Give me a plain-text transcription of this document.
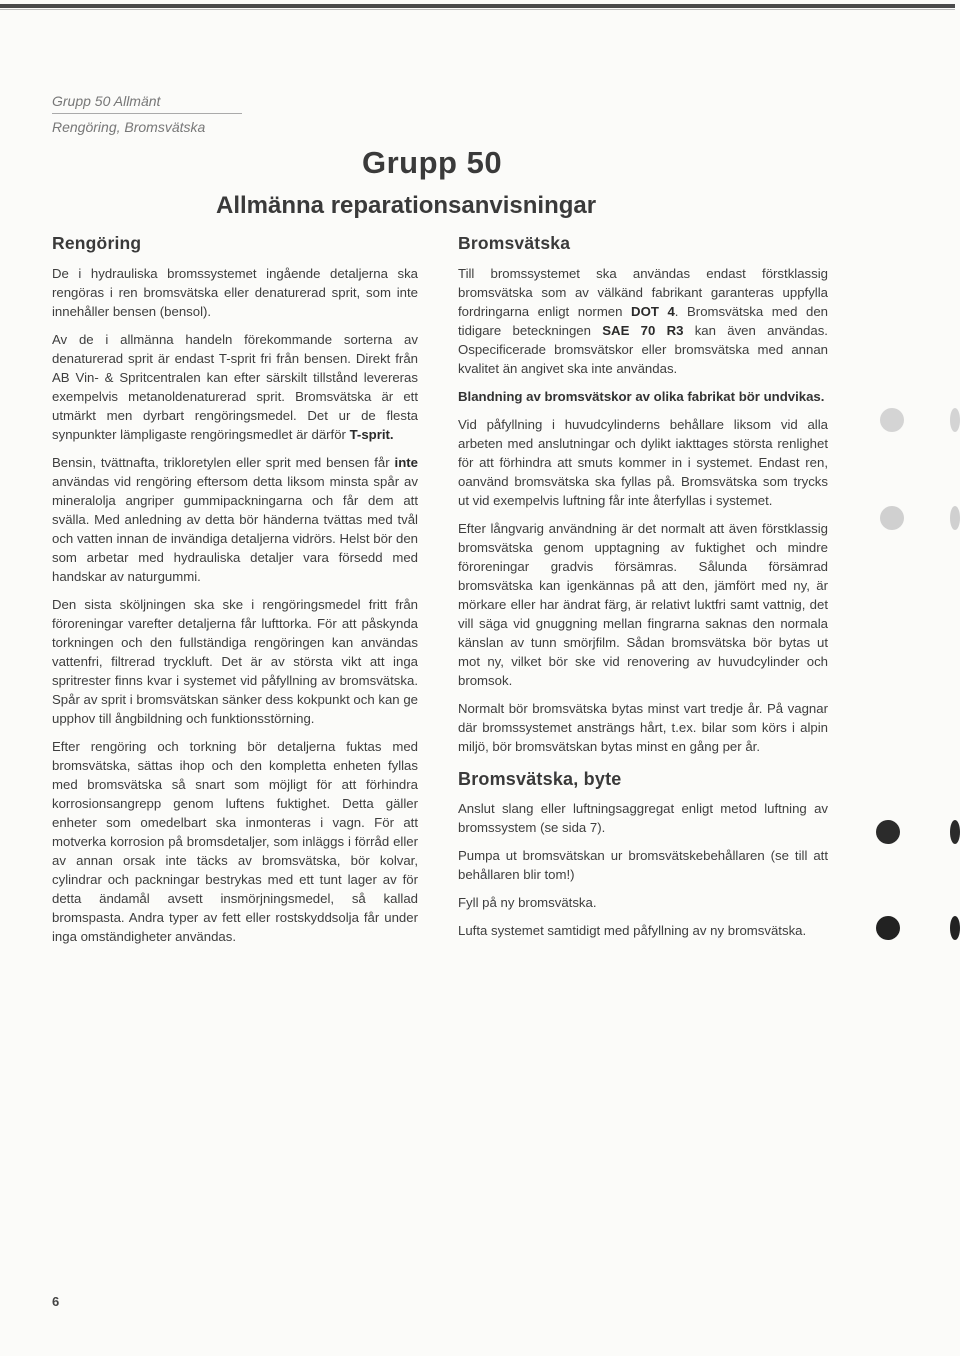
Grupp 50 Allmänt
Rengöring, Bromsvätska
Grupp 50
Allmänna reparationsanvisningar
Rengöring

De i hydrauliska bromssystemet ingående detaljerna ska rengöras i ren bromsvätska eller denaturerad sprit, som inte innehåller bensen (bensol).

Av de i allmänna handeln förekommande sorterna av denaturerad sprit är endast T-sprit fri från bensen. Direkt från AB Vin- & Spritcentralen kan efter särskilt tillstånd levereras exempelvis metanoldenaturerad sprit. Bromsvätska är ett utmärkt men dyrbart rengöringsmedel. Det ur de flesta synpunkter lämpligaste rengöringsmedlet är därför T-sprit.

Bensin, tvättnafta, trikloretylen eller sprit med bensen får inte användas vid rengöring eftersom detta liksom minsta spår av mineralolja angriper gummipackningarna och får dem att svälla. Med anledning av detta bör händerna tvättas med tvål och vatten innan de invändiga detaljerna vidrörs. Helst bör den som arbetar med hydrauliska detaljer vara försedd med handskar av naturgummi.

Den sista sköljningen ska ske i rengöringsmedel fritt från föroreningar varefter detaljerna får lufttorka. För att påskynda torkningen och den fullständiga rengöringen kan användas vattenfri, filtrerad tryckluft. Det är av största vikt att inga spritrester finns kvar i systemet vid påfyllning av bromsvätska. Spår av sprit i bromsvätskan sänker dess kokpunkt och kan ge upphov till ångbildning och funktionsstörning.

Efter rengöring och torkning bör detaljerna fuktas med bromsvätska, sättas ihop och den kompletta enheten fyllas med bromsvätska så snart som möjligt för att förhindra korrosionsangrepp genom luftens fuktighet. Detta gäller enheter som omedelbart ska inmonteras i vagn. För att motverka korrosion på bromsdetaljer, som inläggs i förråd eller av annan orsak inte täcks av bromsvätska, bör kolvar, cylindrar och packningar bestrykas med ett tunt lager av för detta ändamål avsett insmörjningsmedel, så kallad bromspasta. Andra typer av fett eller rostskyddsolja får under inga omständigheter användas.

Bromsvätska

Till bromssystemet ska användas endast förstklassig bromsvätska som av välkänd fabrikant garanteras uppfylla fordringarna enligt normen DOT 4. Bromsvätska med den tidigare beteckningen SAE 70 R3 kan även användas. Ospecificerade bromsvätskor eller bromsvätska med annan kvalitet än angivet ska inte användas.

Blandning av bromsvätskor av olika fabrikat bör undvikas.

Vid påfyllning i huvudcylinderns behållare liksom vid alla arbeten med anslutningar och dylikt iakttages största renlighet för att förhindra att smuts kommer in i systemet. Endast ren, oanvänd bromsvätska ska fyllas på. Bromsvätska som trycks ut vid exempelvis luftning får inte återfyllas i systemet.

Efter långvarig användning är det normalt att även förstklassig bromsvätska genom upptagning av fuktighet och mindre föroreningar gradvis försämras. Sålunda försämrad bromsvätska kan igenkännas på att den, jämfört med ny, är mörkare eller har ändrat färg, är relativt luktfri samt vattnig, det vill säga vid gnuggning mellan fingrarna saknas den normala känslan av tunn smörjfilm. Sådan bromsvätska bör bytas ut mot ny, vilket bör ske vid renovering av huvudcylinder och bromsok.

Normalt bör bromsvätska bytas minst vart tredje år. På vagnar där bromssystemet ansträngs hårt, t.ex. bilar som körs i alpin miljö, bör bromsvätskan bytas minst en gång per år.

Bromsvätska, byte

Anslut slang eller luftningsaggregat enligt metod luftning av bromssystem (se sida 7).

Pumpa ut bromsvätskan ur bromsvätskebehållaren (se till att behållaren blir tom!)

Fyll på ny bromsvätska.

Lufta systemet samtidigt med påfyllning av ny bromsvätska.

6
